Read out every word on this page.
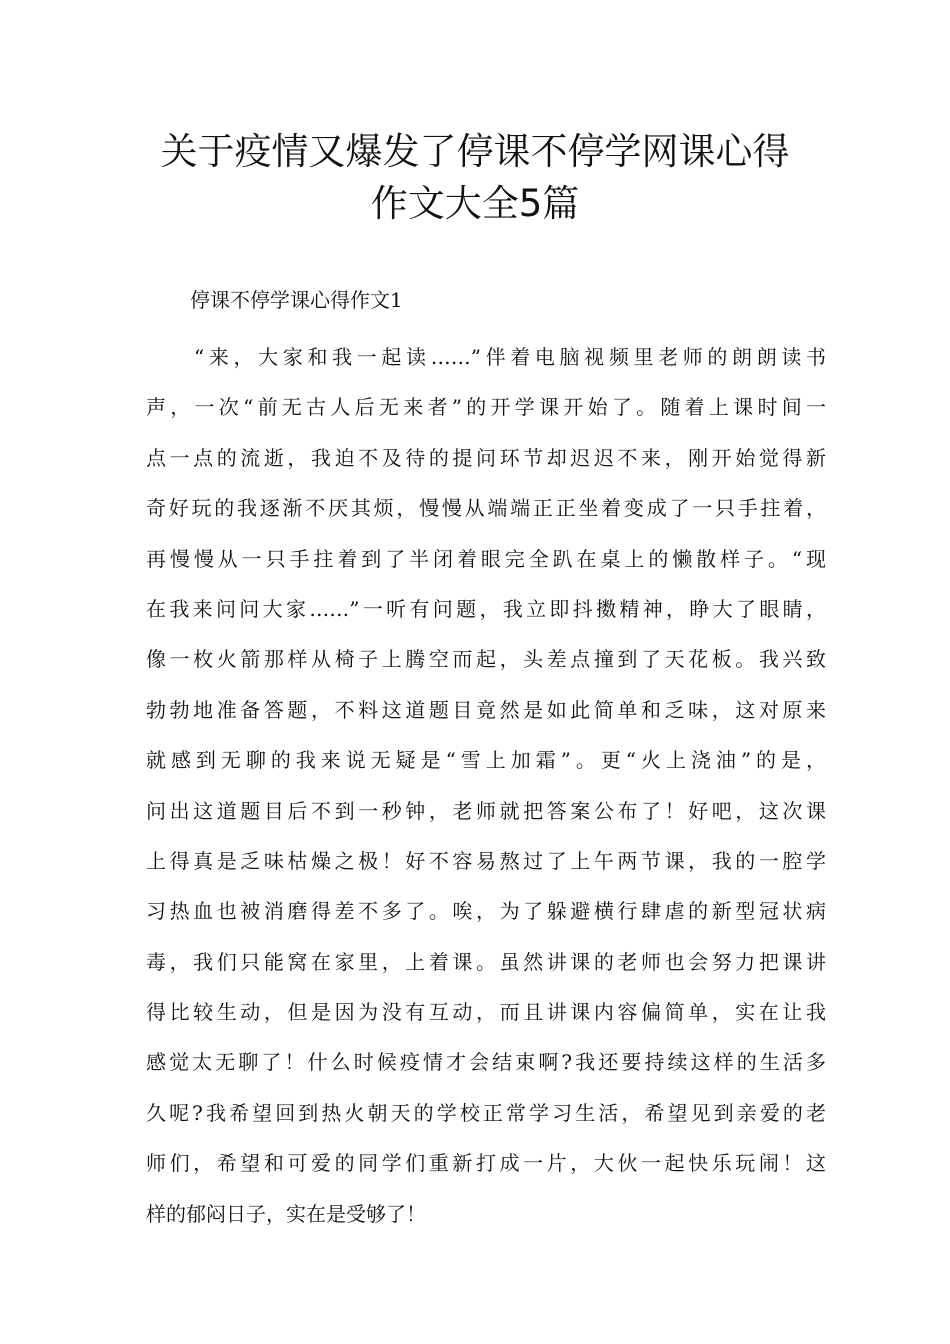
关于疫情又爆发了停课不停学网课心得
作文大全5篇

停课不停学课心得作文1

“来，大家和我一起读……”伴着电脑视频里老师的朗朗读书
声，一次“前无古人后无来者”的开学课开始了。随着上课时间一
点一点的流逝，我迫不及待的提问环节却迟迟不来，刚开始觉得新
奇好玩的我逐渐不厌其烦，慢慢从端端正正坐着变成了一只手拄着，
再慢慢从一只手拄着到了半闭着眼完全趴在桌上的懒散样子。“现
在我来问问大家……”一听有问题，我立即抖擞精神，睁大了眼睛，
像一枚火箭那样从椅子上腾空而起，头差点撞到了天花板。我兴致
勃勃地准备答题，不料这道题目竟然是如此简单和乏味，这对原来
就感到无聊的我来说无疑是“雪上加霜”。更“火上浇油”的是，
问出这道题目后不到一秒钟，老师就把答案公布了！好吧，这次课
上得真是乏味枯燥之极！好不容易熬过了上午两节课，我的一腔学
习热血也被消磨得差不多了。唉，为了躲避横行肆虐的新型冠状病
毒，我们只能窝在家里，上着课。虽然讲课的老师也会努力把课讲
得比较生动，但是因为没有互动，而且讲课内容偏简单，实在让我
感觉太无聊了！什么时候疫情才会结束啊?我还要持续这样的生活多
久呢?我希望回到热火朝天的学校正常学习生活，希望见到亲爱的老
师们，希望和可爱的同学们重新打成一片，大伙一起快乐玩闹！这
样的郁闷日子，实在是受够了！
